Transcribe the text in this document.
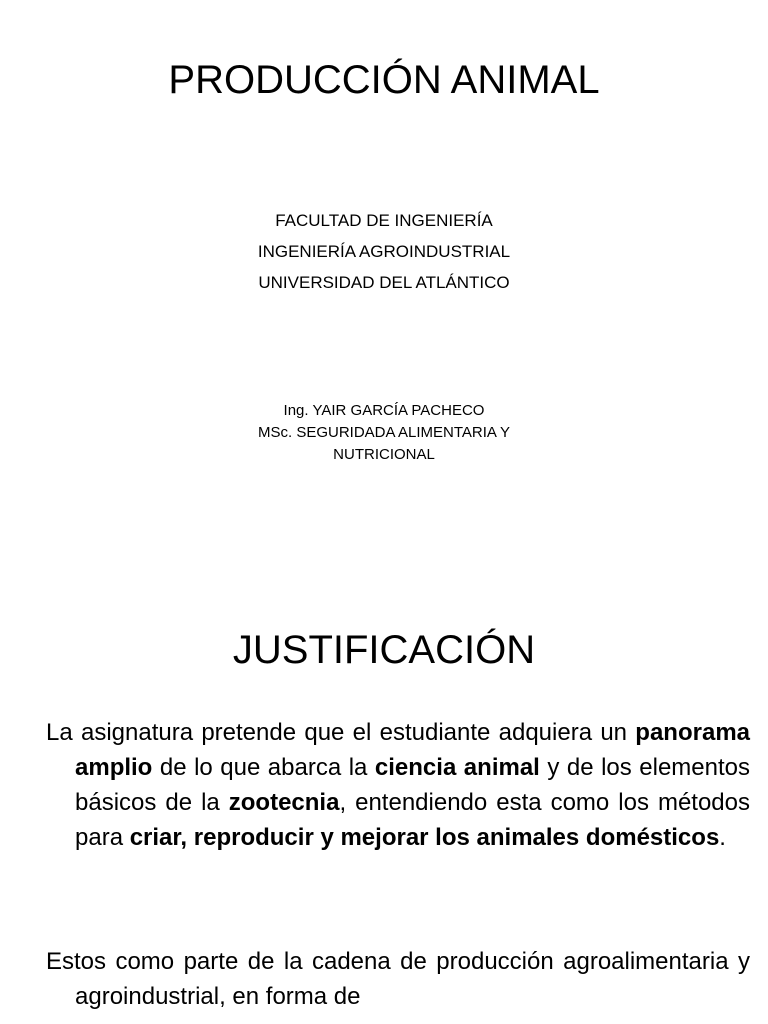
PRODUCCIÓN ANIMAL

FACULTAD DE INGENIERÍA
INGENIERÍA AGROINDUSTRIAL
UNIVERSIDAD DEL ATLÁNTICO

Ing. YAIR GARCÍA PACHECO
MSc. SEGURIDADA ALIMENTARIA Y
NUTRICIONAL

JUSTIFICACIÓN

La asignatura pretende que el estudiante adquiera un panorama amplio de lo que abarca la ciencia animal y de los elementos básicos de la zootecnia, entendiendo esta como los métodos para criar, reproducir y mejorar los animales domésticos.

Estos como parte de la cadena de producción agroalimentaria y agroindustrial, en forma de
